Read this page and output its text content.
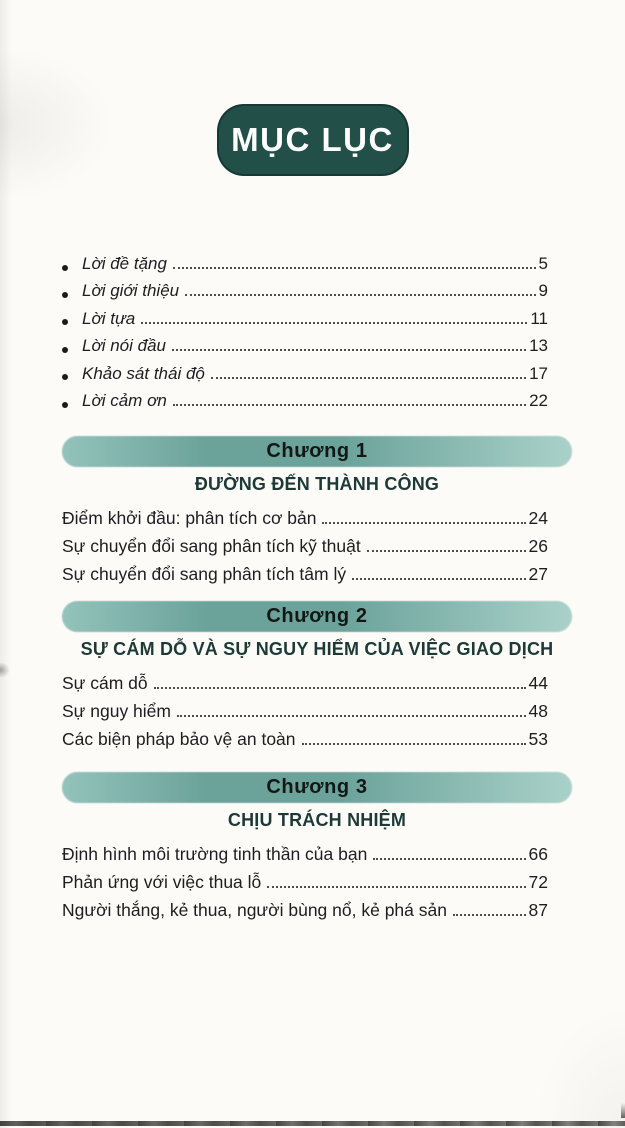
MỤC LỤC
Lời đề tặng	5
Lời giới thiệu	9
Lời tựa	11
Lời nói đầu	13
Khảo sát thái độ	17
Lời cảm ơn	22
Chương 1
ĐƯỜNG ĐẾN THÀNH CÔNG
Điểm khởi đầu: phân tích cơ bản	24
Sự chuyển đổi sang phân tích kỹ thuật	26
Sự chuyển đổi sang phân tích tâm lý	27
Chương 2
SỰ CÁM DỖ VÀ SỰ NGUY HIỂM CỦA VIỆC GIAO DỊCH
Sự cám dỗ	44
Sự nguy hiểm	48
Các biện pháp bảo vệ an toàn	53
Chương 3
CHỊU TRÁCH NHIỆM
Định hình môi trường tinh thần của bạn	66
Phản ứng với việc thua lỗ	72
Người thắng, kẻ thua, người bùng nổ, kẻ phá sản	87
